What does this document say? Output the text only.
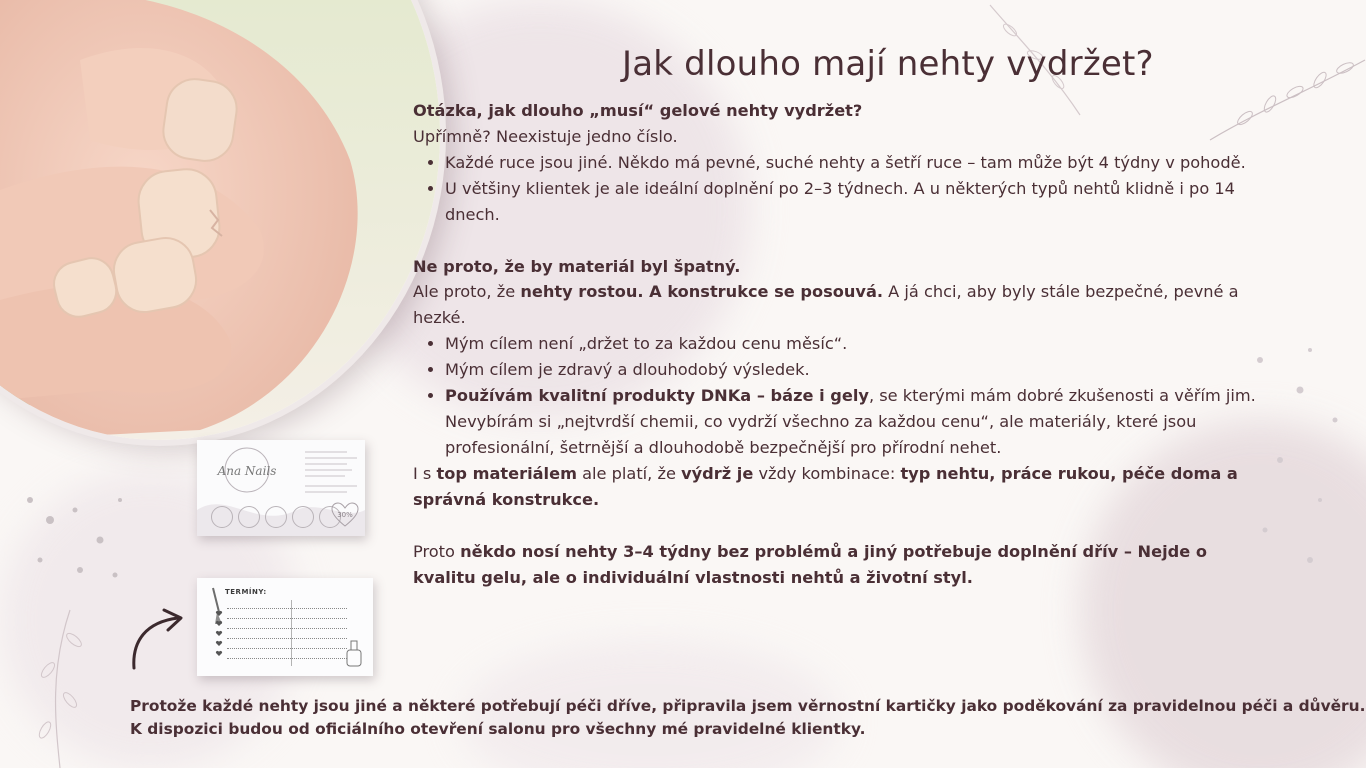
Jak dlouho mají nehty vydržet?

Otázka, jak dlouho „musí“ gelové nehty vydržet?

Upřímně? Neexistuje jedno číslo.

• Každé ruce jsou jiné. Někdo má pevné, suché nehty a šetří ruce – tam může být 4 týdny v pohodě.
• U většiny klientek je ale ideální doplnění po 2–3 týdnech. A u některých typů nehtů klidně i po 14 dnech.

Ne proto, že by materiál byl špatný.

Ale proto, že nehty rostou. A konstrukce se posouvá. A já chci, aby byly stále bezpečné, pevné a hezké.

• Mým cílem není „držet to za každou cenu měsíc“.
• Mým cílem je zdravý a dlouhodobý výsledek.
• Používám kvalitní produkty DNKa – báze i gely, se kterými mám dobré zkušenosti a věřím jim. Nevybírám si „nejtvrdší chemii, co vydrží všechno za každou cenu“, ale materiály, které jsou profesionální, šetrnější a dlouhodobě bezpečnější pro přírodní nehet.

I s top materiálem ale platí, že výdrž je vždy kombinace: typ nehtu, práce rukou, péče doma a správná konstrukce.

Proto někdo nosí nehty 3–4 týdny bez problémů a jiný potřebuje doplnění dřív – Nejde o kvalitu gelu, ale o individuální vlastnosti nehtů a životní styl.

Ana Nails
30%
TERMÍNY:

Protože každé nehty jsou jiné a některé potřebují péči dříve, připravila jsem věrnostní kartičky jako poděkování za pravidelnou péči a důvěru.

K dispozici budou od oficiálního otevření salonu pro všechny mé pravidelné klientky.
